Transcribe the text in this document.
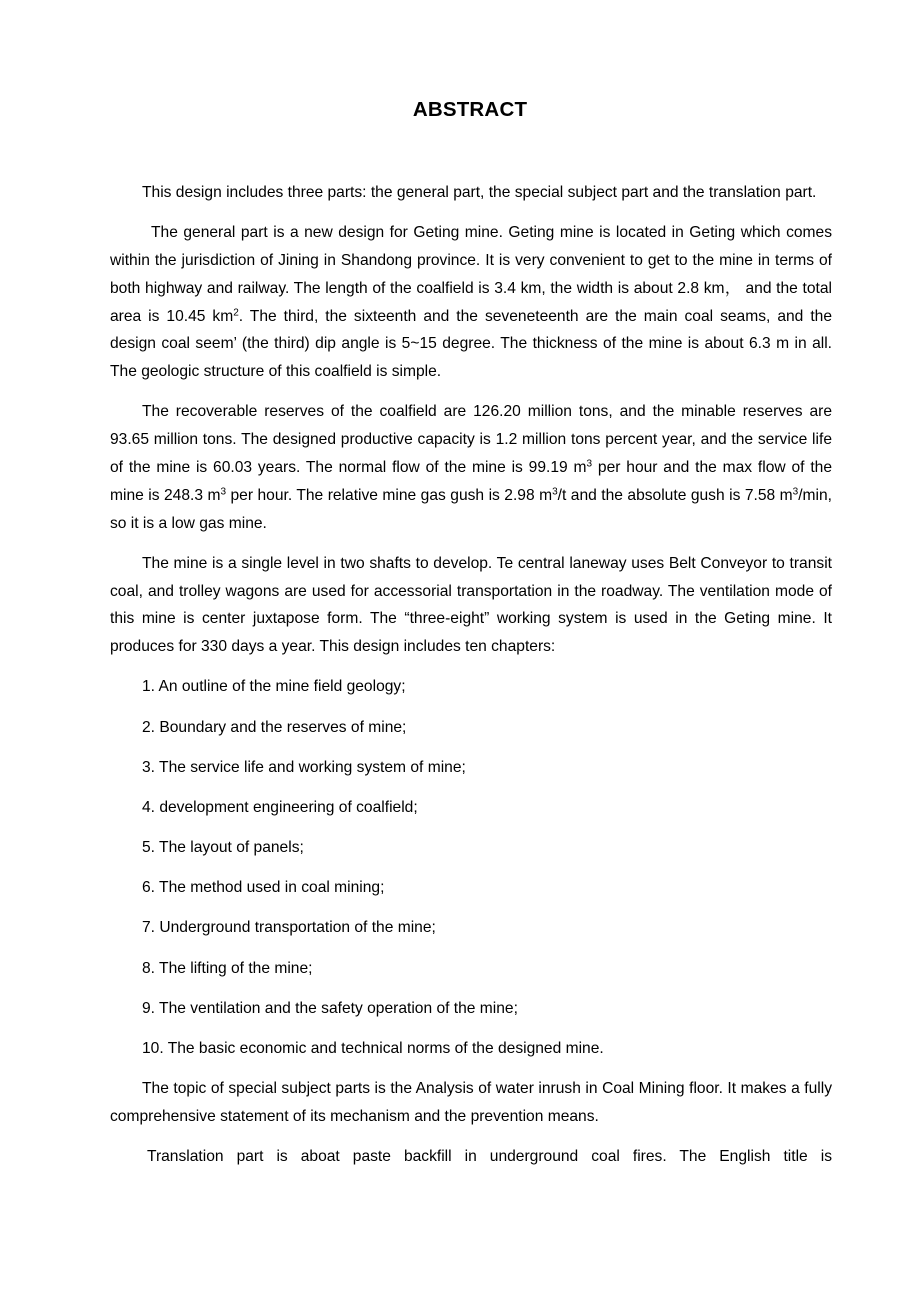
ABSTRACT

This design includes three parts: the general part, the special subject part and the translation part.

The general part is a new design for Geting mine. Geting mine is located in Geting which comes within the jurisdiction of Jining in Shandong province. It is very convenient to get to the mine in terms of both highway and railway. The length of the coalfield is 3.4 km, the width is about 2.8 km， and the total area is 10.45 $km^2$. The third, the sixteenth and the seveneteenth are the main coal seams, and the design coal seem’ (the third) dip angle is 5~15 degree. The thickness of the mine is about 6.3 m in all. The geologic structure of this coalfield is simple.

The recoverable reserves of the coalfield are 126.20 million tons, and the minable reserves are 93.65 million tons. The designed productive capacity is 1.2 million tons percent year, and the service life of the mine is 60.03 years. The normal flow of the mine is 99.19 $m^3$ per hour and the max flow of the mine is 248.3 $m^3$ per hour. The relative mine gas gush is 2.98 $m^3/t$ and the absolute gush is 7.58 $m^3/\min$, so it is a low gas mine.

The mine is a single level in two shafts to develop. Te central laneway uses Belt Conveyor to transit coal, and trolley wagons are used for accessorial transportation in the roadway. The ventilation mode of this mine is center juxtapose form. The “three-eight” working system is used in the Geting mine. It produces for 330 days a year. This design includes ten chapters:

1. An outline of the mine field geology;
2. Boundary and the reserves of mine;
3. The service life and working system of mine;
4. development engineering of coalfield;
5. The layout of panels;
6. The method used in coal mining;
7. Underground transportation of the mine;
8. The lifting of the mine;
9. The ventilation and the safety operation of the mine;
10. The basic economic and technical norms of the designed mine.

The topic of special subject parts is the Analysis of water inrush in Coal Mining floor. It makes a fully comprehensive statement of its mechanism and the prevention means.

Translation part is aboat paste backfill in underground coal fires. The English title is
